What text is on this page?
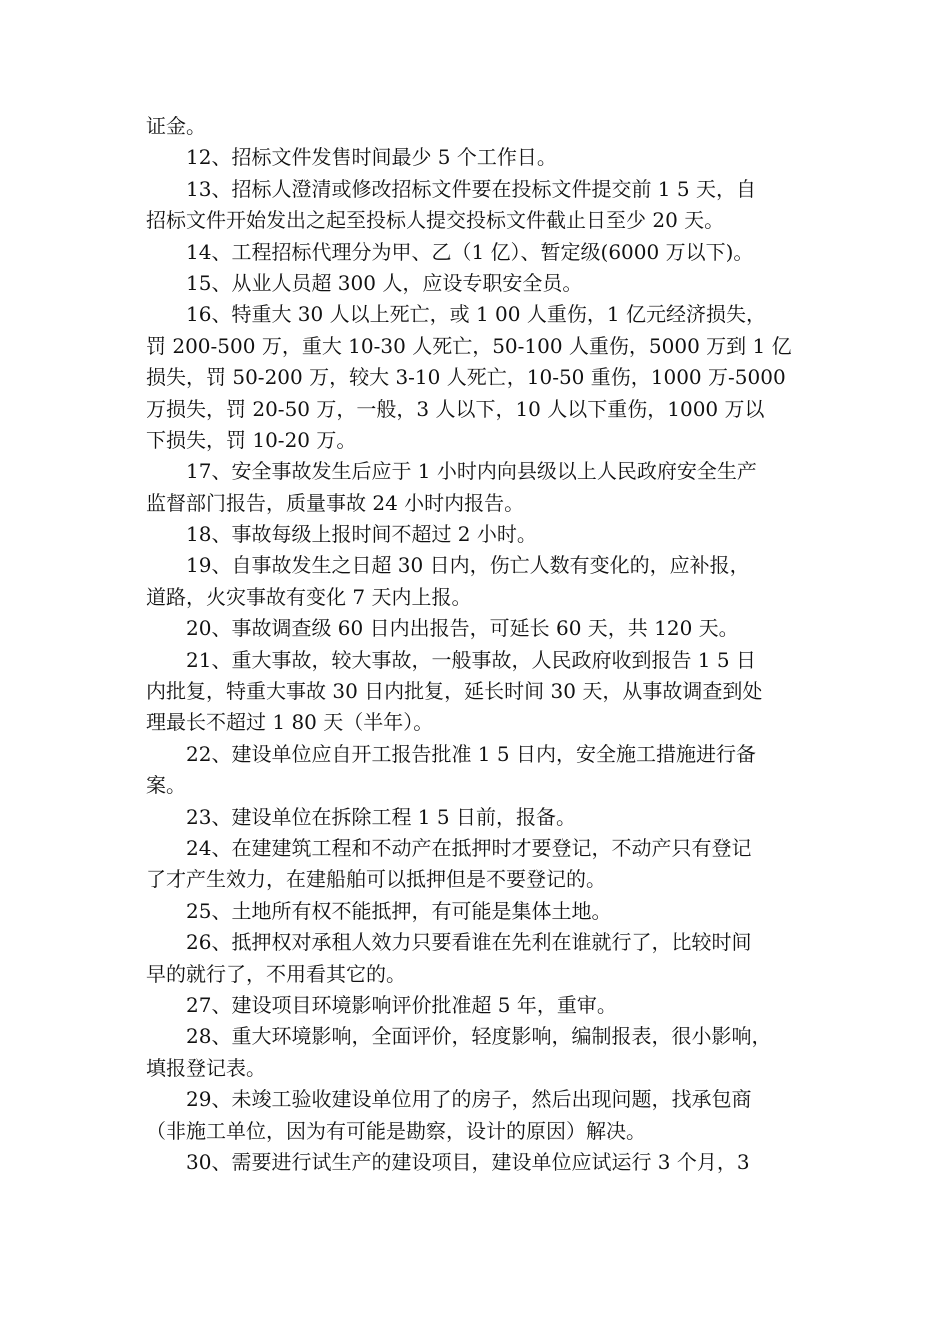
证金。
12、招标文件发售时间最少 5 个工作日。
13、招标人澄清或修改招标文件要在投标文件提交前 1 5 天，自
招标文件开始发出之起至投标人提交投标文件截止日至少 20 天。
14、工程招标代理分为甲、乙（1 亿）、暂定级(6000 万以下)。
15、从业人员超 300 人，应设专职安全员。
16、特重大 30 人以上死亡，或 1 00 人重伤，1 亿元经济损失，
罚 200-500 万，重大 10-30 人死亡，50-100 人重伤，5000 万到 1 亿
损失，罚 50-200 万，较大 3-10 人死亡，10-50 重伤，1000 万-5000
万损失，罚 20-50 万，一般，3 人以下，10 人以下重伤，1000 万以
下损失，罚 10-20 万。
17、安全事故发生后应于 1 小时内向县级以上人民政府安全生产
监督部门报告，质量事故 24 小时内报告。
18、事故每级上报时间不超过 2 小时。
19、自事故发生之日超 30 日内，伤亡人数有变化的，应补报，
道路，火灾事故有变化 7 天内上报。
20、事故调查级 60 日内出报告，可延长 60 天，共 120 天。
21、重大事故，较大事故，一般事故，人民政府收到报告 1 5 日
内批复，特重大事故 30 日内批复，延长时间 30 天，从事故调查到处
理最长不超过 1 80 天（半年）。
22、建设单位应自开工报告批准 1 5 日内，安全施工措施进行备
案。
23、建设单位在拆除工程 1 5 日前，报备。
24、在建建筑工程和不动产在抵押时才要登记，不动产只有登记
了才产生效力，在建船舶可以抵押但是不要登记的。
25、土地所有权不能抵押，有可能是集体土地。
26、抵押权对承租人效力只要看谁在先利在谁就行了，比较时间
早的就行了，不用看其它的。
27、建设项目环境影响评价批准超 5 年，重审。
28、重大环境影响，全面评价，轻度影响，编制报表，很小影响，
填报登记表。
29、未竣工验收建设单位用了的房子，然后出现问题，找承包商
（非施工单位，因为有可能是勘察，设计的原因）解决。
30、需要进行试生产的建设项目，建设单位应试运行 3 个月，3
